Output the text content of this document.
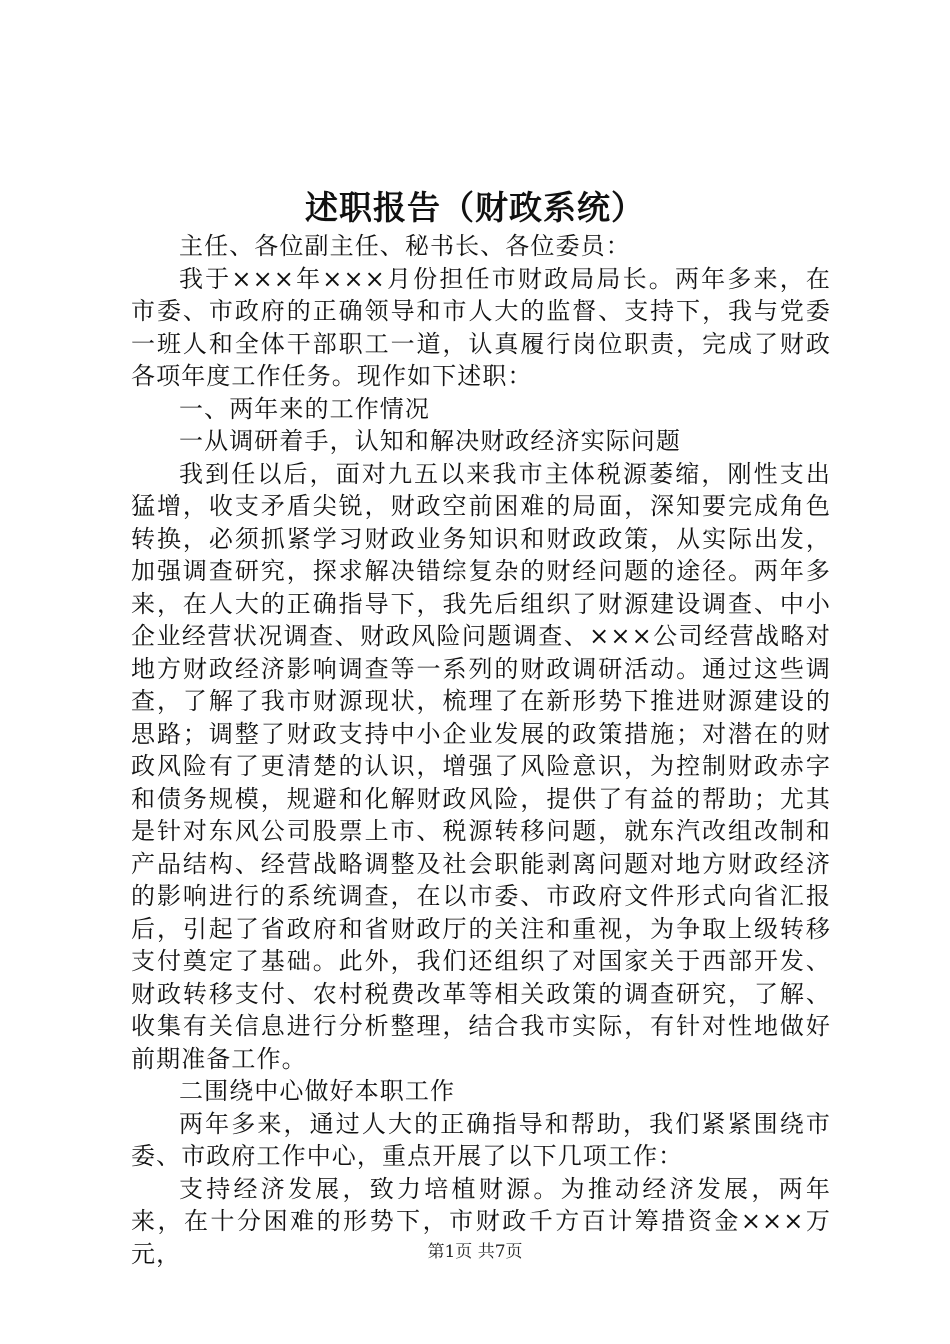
述职报告（财政系统）

主任、各位副主任、秘书长、各位委员：

我于×××年×××月份担任市财政局局长。两年多来，在市委、市政府的正确领导和市人大的监督、支持下，我与党委一班人和全体干部职工一道，认真履行岗位职责，完成了财政各项年度工作任务。现作如下述职：

一、两年来的工作情况

一从调研着手，认知和解决财政经济实际问题

我到任以后，面对九五以来我市主体税源萎缩，刚性支出猛增，收支矛盾尖锐，财政空前困难的局面，深知要完成角色转换，必须抓紧学习财政业务知识和财政政策，从实际出发，加强调查研究，探求解决错综复杂的财经问题的途径。两年多来，在人大的正确指导下，我先后组织了财源建设调查、中小企业经营状况调查、财政风险问题调查、×××公司经营战略对地方财政经济影响调查等一系列的财政调研活动。通过这些调查，了解了我市财源现状，梳理了在新形势下推进财源建设的思路；调整了财政支持中小企业发展的政策措施；对潜在的财政风险有了更清楚的认识，增强了风险意识，为控制财政赤字和债务规模，规避和化解财政风险，提供了有益的帮助；尤其是针对东风公司股票上市、税源转移问题，就东汽改组改制和产品结构、经营战略调整及社会职能剥离问题对地方财政经济的影响进行的系统调查，在以市委、市政府文件形式向省汇报后，引起了省政府和省财政厅的关注和重视，为争取上级转移支付奠定了基础。此外，我们还组织了对国家关于西部开发、财政转移支付、农村税费改革等相关政策的调查研究，了解、收集有关信息进行分析整理，结合我市实际，有针对性地做好前期准备工作。

二围绕中心做好本职工作

两年多来，通过人大的正确指导和帮助，我们紧紧围绕市委、市政府工作中心，重点开展了以下几项工作：

支持经济发展，致力培植财源。为推动经济发展，两年来，在十分困难的形势下，市财政千方百计筹措资金×××万元，	第1页 共7页
